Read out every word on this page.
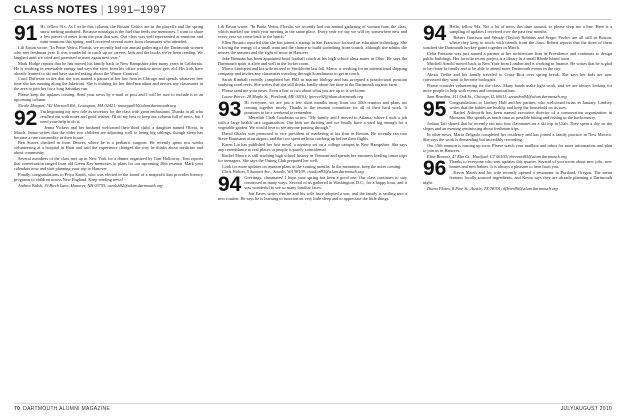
CLASS NOTES | 1991–1997

91 Hi, fellow 91s. As I write this column, the Boston Celtics are in the playoffs and the spring snow melting unabated. Because nostalgia is the fuel that feeds our memories, I want to share a few pieces of news from the year that was. Our class was well represented at reunions and mini-reunions this spring, and I received several notes from classmates who attended.

Lili Eason wrote: "In Ponte Vedra, Florida, we recently had our annual gathering of the Dartmouth women who met freshman year. It was wonderful to catch up on careers, kids and the books we've been reading. We laughed until we cried and promised to meet again next year."

Mark Hodge reports that he has moved his family back to New Hampshire after many years in California. He is working in renewable energy and says the view from his office window never gets old. His kids have already learned to ski and have started asking about the Winter Carnival.

Carol Dufresne writes that she was named a partner at her law firm in Chicago and spends whatever free time she has running along the lakefront. She is training for her third marathon and invites any classmates in the area to join her for a long Saturday run.

Please keep the updates coming. Send your news by e-mail or post and I will be sure to include it in an upcoming column.

Nicole Morgan, 742 Hartwell Rd., Lexington, MA 02421; nmorgan91@alum.dartmouth.org

92 I'm beginning my new role as secretary for the class with great enthusiasm. Thanks to all who reached out with notes and good wishes. I'll do my best to keep our column full of news, but I need your help to do it.

Jenna Vickers and her husband welcomed their third child, a daughter named Olivia, in March. Jenna writes that the older two children are adjusting well to being big siblings, though sleep has become a rare commodity in their house.

Ben Soares checked in from Denver, where he is a pediatric surgeon. He recently spent two weeks volunteering at a hospital in Haiti and said the experience changed the way he thinks about medicine and about community.

Several members of the class met up in New York for a dinner organized by Tom Holloway. Tom reports that conversation ranged from old Green Key memories to plans for our upcoming 20th reunion. Mark your calendars now and start planning your trip to Hanover.

Finally, congratulations to Priya Kanth, who was elected to the board of a nonprofit that provides literacy programs to children across New England. Keep sending news!

Andrea Walsh, 19 Birch Lane, Hanover, NH 03755; awalsh92@alum.dartmouth.org

Lili Eason wrote: "In Ponte Vedra, Florida, we recently had our annual gathering of women from the class, which marked our tenth year meeting in the same place. Every year we say we will try somewhere new and every year we come back to the beach."

Ellen Rosario reported that she has joined a startup in San Francisco focused on education technology. She is loving the energy of a small team and the chance to build something from scratch, although she admits she misses the seasons and the sight of snow in Hanover.

Jake Brennan has been appointed head football coach at his high school alma mater in Ohio. He says the Dartmouth spirit is alive and well in the locker room.

Marco Lindqvist and his wife moved to Stockholm last fall. Marco is working for an international shipping company and invites any classmates traveling through Scandinavia to get in touch.

Sarah Kimball recently completed her PhD in marine biology and has accepted a postdoctoral position studying coral reefs. She writes that she still thinks fondly about her time at the Dartmouth organic farm.

Please send me your news. Even a line or two about what you are up to is welcome.

Laura Pierce, 28 Maple St., Portland, ME 04101; lpierce92@alum.dartmouth.org

93 Hi everyone, we are just a few short months away from our 20th reunion and plans are coming together nicely. Thanks to the reunion committee for all of their hard work. It promises to be a weekend to remember.

Meredith Clark Goodman writes: "My family and I moved to Atlanta, where I took a job with a large health care organization. Our kids are thriving and we finally have a yard big enough for a vegetable garden. We would love to see anyone passing through."

David Okafor was promoted to vice president of marketing at his firm in Boston. He recently ran into Steve Hartmann at an airport, and the two spent an hour catching up before their flights.

Karen Liu has published her first novel, a mystery set on a college campus in New Hampshire. She says any resemblance to real places or people is purely coincidental.

Rachel Moore is still teaching high school history in Vermont and spends her summers leading canoe trips for teenagers. She says the Outing Club prepared her well.

Look for more updates on reunion plans in the coming months. In the meantime, keep the notes coming.

Chris Walton, 5 Summit Ave., Seattle, WA 98109; cwalton93@alum.dartmouth.org

94 Greetings, classmates! I hope your spring has been a good one. Our class continues to stay connected in many ways. Several of us gathered in Washington, D.C., for a happy hour, and it was wonderful to see so many familiar faces.

Jon Eaves writes that he and his wife have adopted a son, and the family is settling into a new routine. He says he is learning to function on very little sleep and to appreciate the little things.

94 Hello, fellow 94s. Not a lot of news this time around, so please drop me a line. Here is a sampling of updates I received over the past few months.

Robert Garrison and Wendy (Taylor) Robbins and Sergei Pavlov are all still in Boston, where they keep in touch with friends from the class. Robert reports that the three of them watched the Dartmouth hockey game together in March.

Celia Fontaine was just named a partner at her architecture firm in Providence and continues to design public buildings. Her favorite recent project is a library in a small Rhode Island town.

Mitchell Arnold moved back to New York from London and is working in finance. He writes that he is glad to be closer to family and to be able to attend more Dartmouth events in the city.

Alexis Tiefke and her family traveled to Costa Rica over spring break. She says her kids are now convinced they want to become biologists.

Please consider volunteering for the class. Many hands make light work, and we are always looking for more people to help with events and communications.

Sam Reardon, 311 Oak St., Chicago, IL 60611; sreardon94@alum.dartmouth.org

95 Congratulations to Lindsey Hull and her partner, who welcomed twins in January. Lindsey writes that the babies are healthy and keep the household on its toes.

Rachel Ashworth has been named executive director of a conservation organization in Montana. She spends as much time as possible hiking and fishing in the backcountry.

Joshua Taft shared that he recently ran into four classmates on a ski trip in Utah. They spent a day on the slopes and an evening reminiscing about freshman trips.

In other news, Maria Delgado completed her residency and has joined a family practice in New Mexico. She says the work is demanding but incredibly rewarding.

Our 15th reunion is coming up soon. Please watch your mailbox and inbox for more information, and plan to join us in Hanover.

Elise Bennett, 47 Elm Ct., Hartford, CT 06105; ebennett95@alum.dartmouth.org

96 Thanks to everyone who sent updates this quarter. Several of you wrote about new jobs, new homes and new babies. It is always a pleasure to hear from you.

Kevin Marsh and his wife recently opened a restaurant in Portland, Oregon. The menu features locally sourced ingredients, and Kevin says they are already planning a Dartmouth night.

Diana Flores, 8 Pine St., Austin, TX 78701; dflores96@alum.dartmouth.org

70 DARTMOUTH ALUMNI MAGAZINE	JULY/AUGUST 2010
